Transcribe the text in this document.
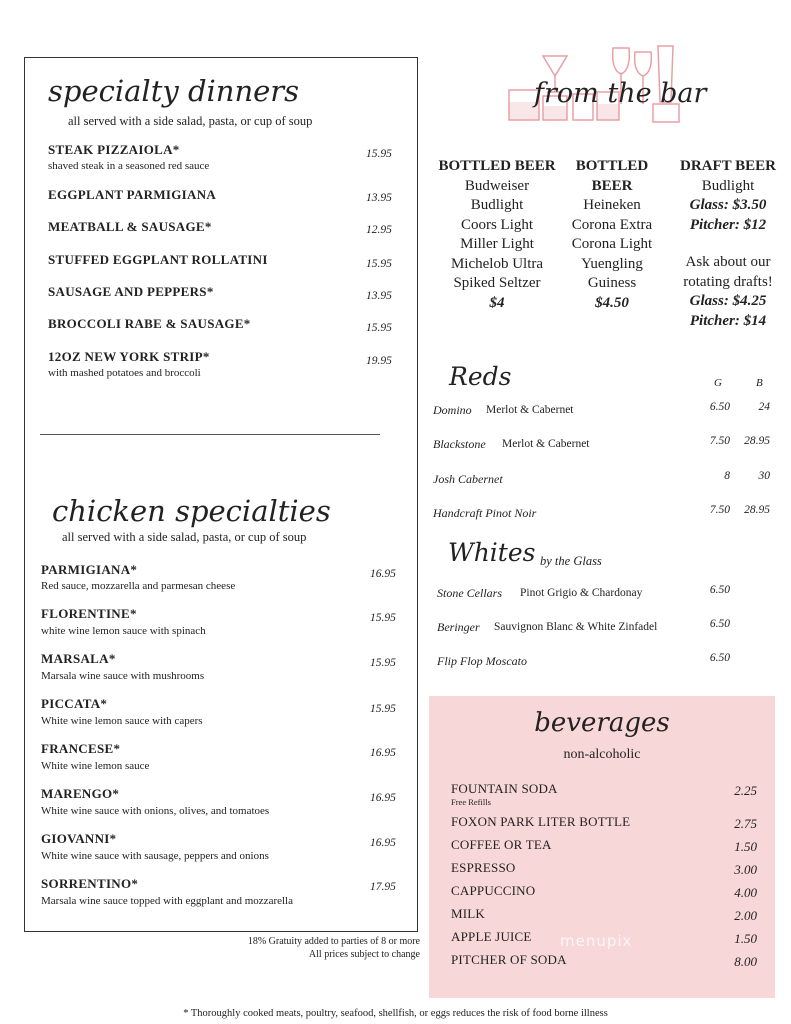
specialty dinners
all served with a side salad, pasta, or cup of soup
STEAK PIZZAIOLA*
shaved steak in a seasoned red sauce
15.95
EGGPLANT PARMIGIANA	13.95
MEATBALL & SAUSAGE*	12.95
STUFFED EGGPLANT ROLLATINI	15.95
SAUSAGE AND PEPPERS*	13.95
BROCCOLI RABE & SAUSAGE*	15.95
12OZ NEW YORK STRIP*
with mashed potatoes and broccoli
19.95
chicken specialties
all served with a side salad, pasta, or cup of soup
PARMIGIANA*
Red sauce, mozzarella and parmesan cheese
16.95
FLORENTINE*
white wine lemon sauce with spinach
15.95
MARSALA*
Marsala wine sauce with mushrooms
15.95
PICCATA*
White wine lemon sauce with capers
15.95
FRANCESE*
White wine lemon sauce
16.95
MARENGO*
White wine sauce with onions, olives, and tomatoes
16.95
GIOVANNI*
White wine sauce with sausage, peppers and onions
16.95
SORRENTINO*
Marsala wine sauce topped with eggplant and mozzarella
17.95
18% Gratuity added to parties of 8 or more
All prices subject to change
* Thoroughly cooked meats, poultry, seafood, shellfish, or eggs reduces the risk of food borne illness
from the bar
BOTTLED BEER
Budweiser
Budlight
Coors Light
Miller Light
Michelob Ultra
Spiked Seltzer
$4
BOTTLED BEER
Heineken
Corona Extra
Corona Light
Yuengling
Guiness
$4.50
DRAFT BEER
Budlight
Glass: $3.50
Pitcher: $12
Ask about our
rotating drafts!
Glass: $4.25
Pitcher: $14
Reds	G	B
Domino Merlot & Cabernet	6.50	24
Blackstone Merlot & Cabernet	7.50	28.95
Josh Cabernet	8	30
Handcraft Pinot Noir	7.50	28.95
Whites by the Glass
Stone Cellars Pinot Grigio & Chardonay	6.50
Beringer Sauvignon Blanc & White Zinfadel	6.50
Flip Flop Moscato	6.50
beverages
non-alcoholic
FOUNTAIN SODA
Free Refills
2.25
FOXON PARK LITER BOTTLE	2.75
COFFEE OR TEA	1.50
ESPRESSO	3.00
CAPPUCCINO	4.00
MILK	2.00
APPLE JUICE	1.50
PITCHER OF SODA	8.00
menupix
